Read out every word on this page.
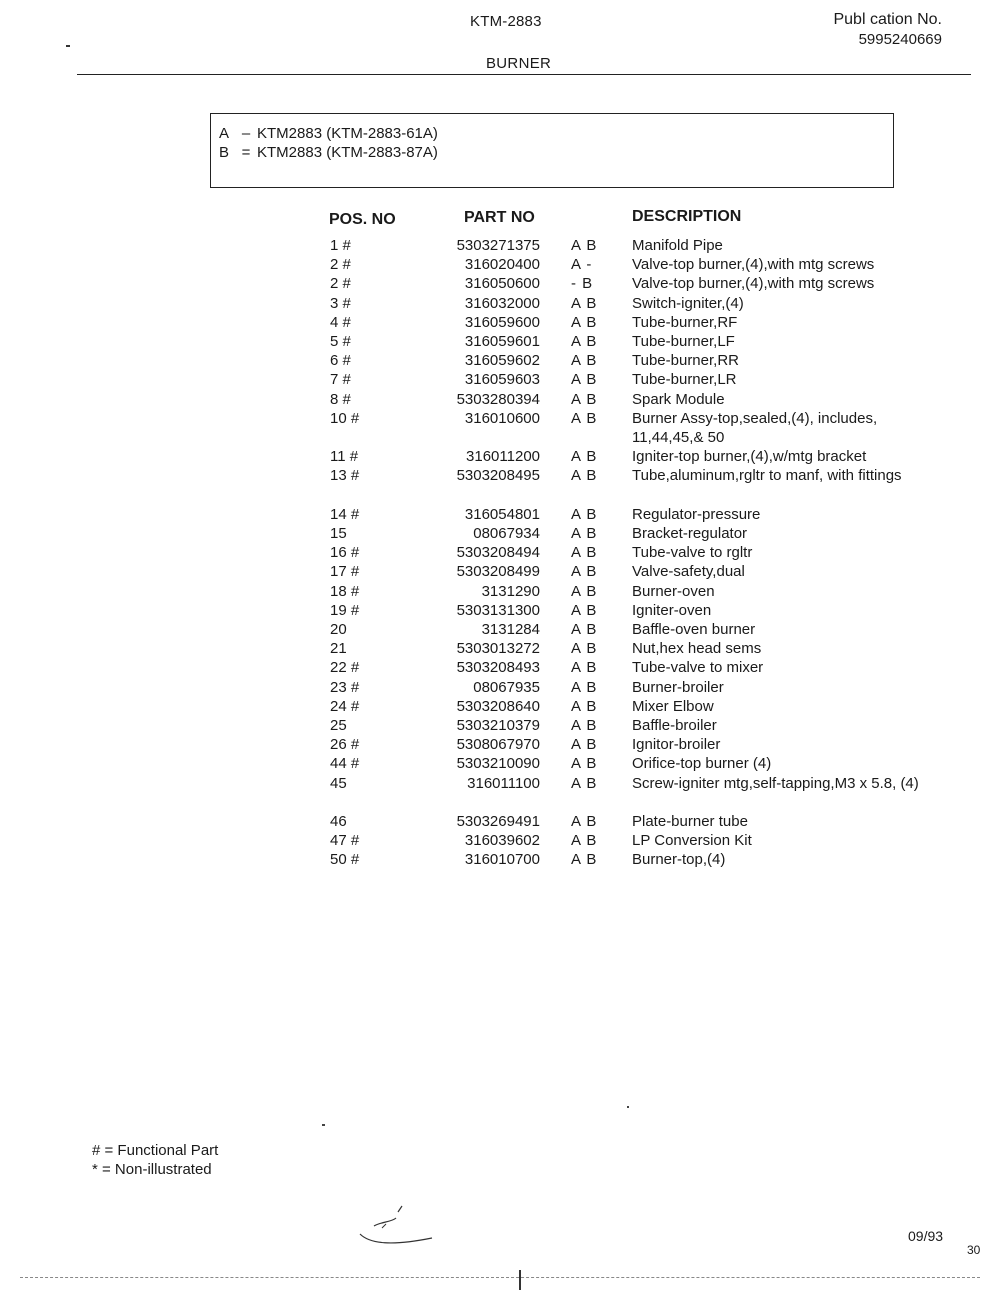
KTM-2883	Publ cation No.
5995240669
BURNER
A – KTM2883 (KTM-2883-61A)
B = KTM2883 (KTM-2883-87A)
POS. NO	PART NO	DESCRIPTION
1 #	5303271375 A B	Manifold Pipe
2 #	316020400 A -	Valve-top burner,(4),with mtg screws
2 #	316050600 - B	Valve-top burner,(4),with mtg screws
3 #	316032000 A B	Switch-igniter,(4)
4 #	316059600 A B	Tube-burner,RF
5 #	316059601 A B	Tube-burner,LF
6 #	316059602 A B	Tube-burner,RR
7 #	316059603 A B	Tube-burner,LR
8 #	5303280394 A B	Spark Module
10 #	316010600 A B	Burner Assy-top,sealed,(4), includes, 11,44,45,& 50
11 #	316011200 A B	Igniter-top burner,(4),w/mtg bracket
13 #	5303208495 A B	Tube,aluminum,rgltr to manf, with fittings
14 #	316054801 A B	Regulator-pressure
15	08067934 A B	Bracket-regulator
16 #	5303208494 A B	Tube-valve to rgltr
17 #	5303208499 A B	Valve-safety,dual
18 #	3131290 A B	Burner-oven
19 #	5303131300 A B	Igniter-oven
20	3131284 A B	Baffle-oven burner
21	5303013272 A B	Nut,hex head sems
22 #	5303208493 A B	Tube-valve to mixer
23 #	08067935 A B	Burner-broiler
24 #	5303208640 A B	Mixer Elbow
25	5303210379 A B	Baffle-broiler
26 #	5308067970 A B	Ignitor-broiler
44 #	5303210090 A B	Orifice-top burner (4)
45	316011100 A B	Screw-igniter mtg,self-tapping,M3 x 5.8, (4)
46	5303269491 A B	Plate-burner tube
47 #	316039602 A B	LP Conversion Kit
50 #	316010700 A B	Burner-top,(4)
# = Functional Part
* = Non-illustrated
09/93
30
